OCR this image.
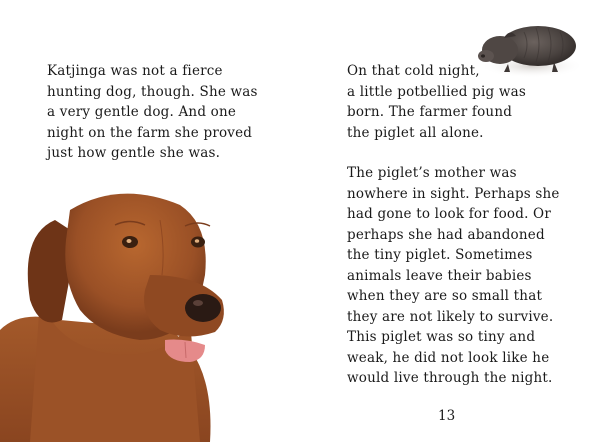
Katjinga was not a fierce
hunting dog, though. She was
a very gentle dog. And one
night on the farm she proved
just how gentle she was.

On that cold night,
a little potbellied pig was
born. The farmer found
the piglet all alone.

The piglet’s mother was
nowhere in sight. Perhaps she
had gone to look for food. Or
perhaps she had abandoned
the tiny piglet. Sometimes
animals leave their babies
when they are so small that
they are not likely to survive.
This piglet was so tiny and
weak, he did not look like he
would live through the night.

13
